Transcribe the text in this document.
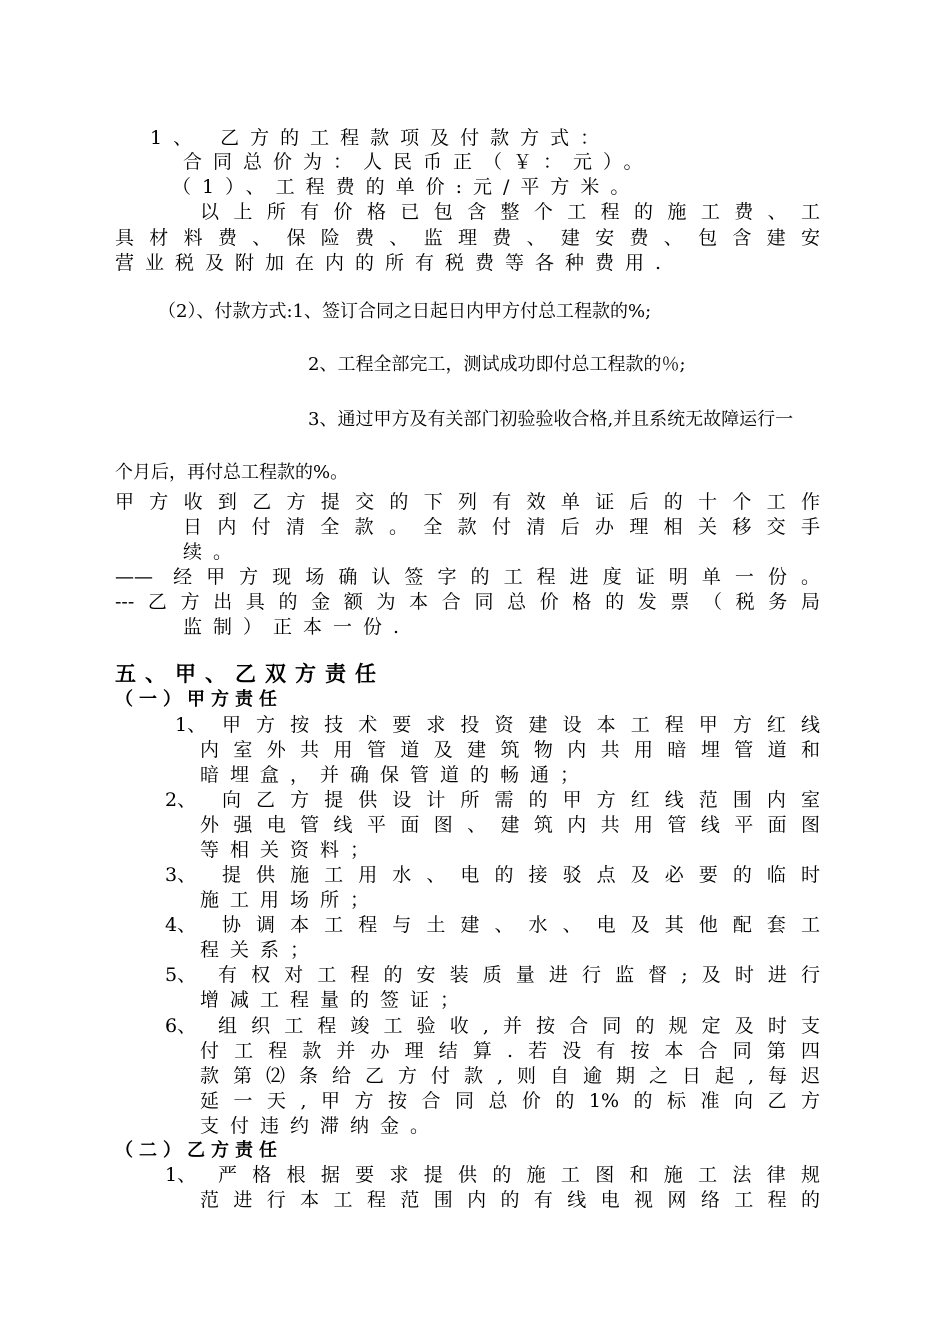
1、 乙方的工程款项及付款方式：
合同总价为：人民币正（￥：元）。
（1）、工程费的单价:元/平方米。
以上所有价格已包含整个工程的施工费、工
具材料费、保险费、监理费、建安费、包含建安
营业税及附加在内的所有税费等各种费用.
（2）、付款方式:1、签订合同之日起日内甲方付总工程款的%;
2、工程全部完工，测试成功即付总工程款的％;
3、通过甲方及有关部门初验验收合格,并且系统无故障运行一
个月后，再付总工程款的%。
甲方收到乙方提交的下列有效单证后的十个工作
日内付清全款。全款付清后办理相关移交手
续。
—— 经甲方现场确认签字的工程进度证明单一份。
---乙方出具的金额为本合同总价格的发票（税务局
监制）正本一份.
五、甲、乙双方责任
（一）甲方责任
1、 甲方按技术要求投资建设本工程甲方红线
内室外共用管道及建筑物内共用暗埋管道和
暗埋盒，并确保管道的畅通；
2、 向乙方提供设计所需的甲方红线范围内室
外强电管线平面图、建筑内共用管线平面图
等相关资料；
3、 提供施工用水、电的接驳点及必要的临时
施工用场所；
4、 协调本工程与土建、水、电及其他配套工
程关系；
5、 有权对工程的安装质量进行监督;及时进行
增减工程量的签证；
6、 组织工程竣工验收,并按合同的规定及时支
付工程款并办理结算.若没有按本合同第四
款第⑵条给乙方付款,则自逾期之日起,每迟
延一天,甲方按合同总价的1%的标准向乙方
支付违约滞纳金。
（二）乙方责任
1、 严格根据要求提供的施工图和施工法律规
范进行本工程范围内的有线电视网络工程的
